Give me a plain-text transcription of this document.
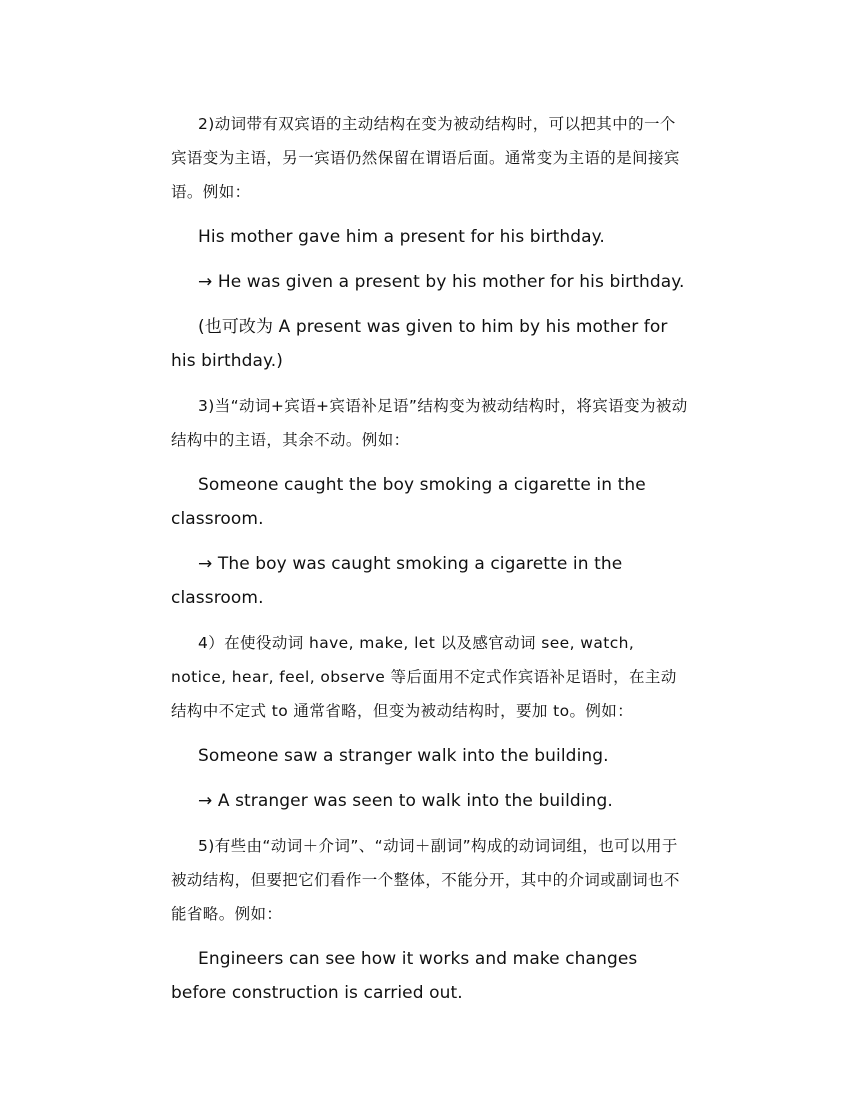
2)动词带有双宾语的主动结构在变为被动结构时，可以把其中的一个宾语变为主语，另一宾语仍然保留在谓语后面。通常变为主语的是间接宾语。例如：

His mother gave him a present for his birthday.

→ He was given a present by his mother for his birthday.

(也可改为 A present was given to him by his mother for his birthday.)

3)当“动词+宾语+宾语补足语”结构变为被动结构时，将宾语变为被动结构中的主语，其余不动。例如：

Someone caught the boy smoking a cigarette in the classroom.

→ The boy was caught smoking a cigarette in the classroom.

4）在使役动词 have, make, let 以及感官动词 see, watch, notice, hear, feel, observe 等后面用不定式作宾语补足语时，在主动结构中不定式 to 通常省略，但变为被动结构时，要加 to。例如：

Someone saw a stranger walk into the building.

→ A stranger was seen to walk into the building.

5)有些由“动词＋介词”、“动词＋副词”构成的动词词组，也可以用于被动结构，但要把它们看作一个整体，不能分开，其中的介词或副词也不能省略。例如：

Engineers can see how it works and make changes before construction is carried out.
